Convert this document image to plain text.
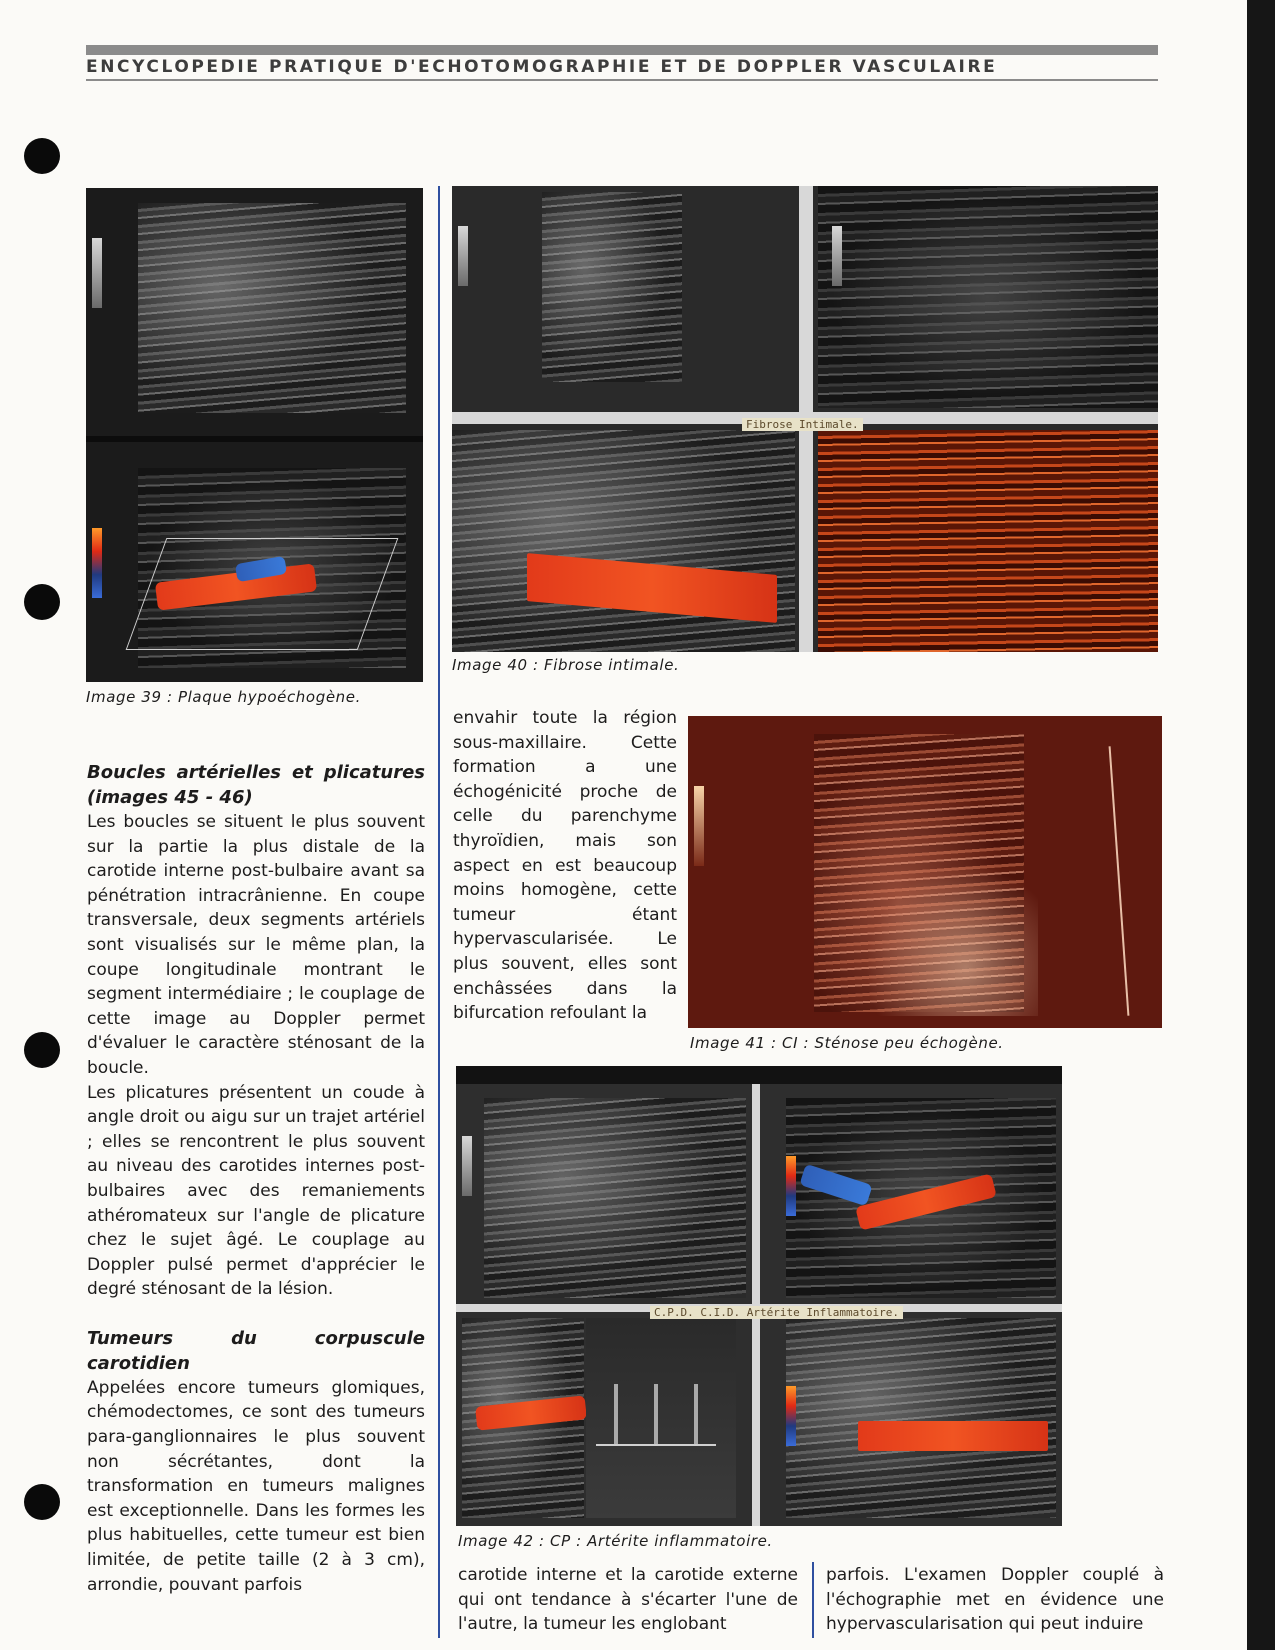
ENCYCLOPEDIE PRATIQUE D'ECHOTOMOGRAPHIE ET DE DOPPLER VASCULAIRE
Image 39 : Plaque hypoéchogène.
Fibrose Intimale.
Image 40 : Fibrose intimale.
Image 41 : CI : Sténose peu échogène.

envahir toute la région sous-maxillaire. Cette formation a une échogénicité proche de celle du parenchyme thyroïdien, mais son aspect en est beaucoup moins homogène, cette tumeur étant hypervascularisée. Le plus souvent, elles sont enchâssées dans la bifurcation refoulant la

Boucles artérielles et plicatures (images 45 - 46)

Les boucles se situent le plus souvent sur la partie la plus distale de la carotide interne post-bulbaire avant sa pénétration intracrânienne. En coupe transversale, deux segments artériels sont visualisés sur le même plan, la coupe longitudinale montrant le segment intermédiaire ; le couplage de cette image au Doppler permet d'évaluer le caractère sténosant de la boucle.

Les plicatures présentent un coude à angle droit ou aigu sur un trajet artériel ; elles se rencontrent le plus souvent au niveau des carotides internes post-bulbaires avec des remaniements athéromateux sur l'angle de plicature chez le sujet âgé. Le couplage au Doppler pulsé permet d'apprécier le degré sténosant de la lésion.

Tumeurs du corpuscule carotidien

Appelées encore tumeurs glomiques, chémodectomes, ce sont des tumeurs para-ganglionnaires le plus souvent non sécrétantes, dont la transformation en tumeurs malignes est exceptionnelle. Dans les formes les plus habituelles, cette tumeur est bien limitée, de petite taille (2 à 3 cm), arrondie, pouvant parfois

C.P.D. C.I.D. Artérite Inflammatoire.
Image 42 : CP : Artérite inflammatoire.

carotide interne et la carotide externe qui ont tendance à s'écarter l'une de l'autre, la tumeur les englobant

parfois. L'examen Doppler couplé à l'échographie met en évidence une hypervascularisation qui peut induire
